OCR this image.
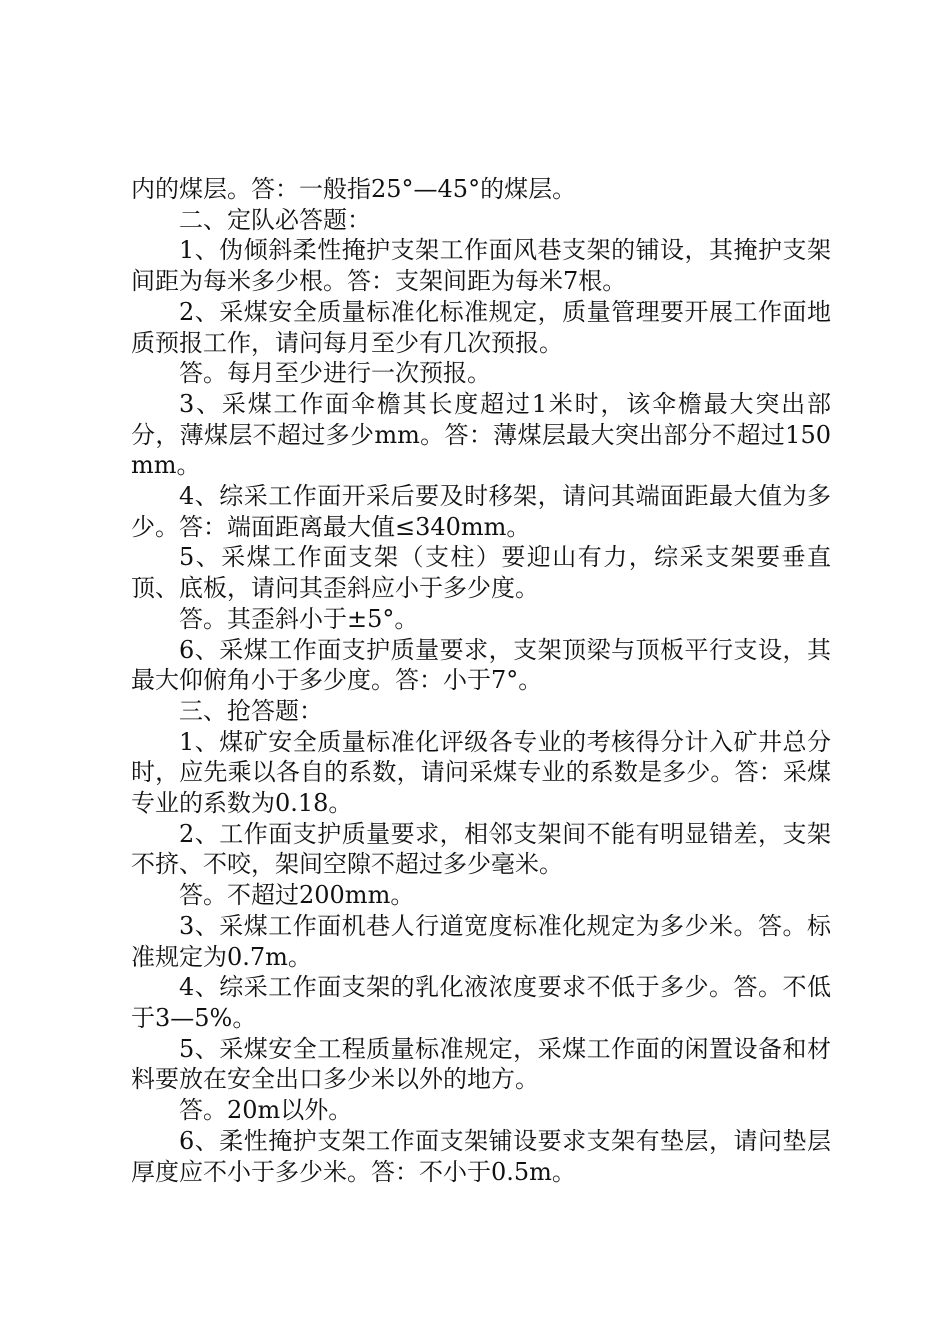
内的煤层。答：一般指25°—45°的煤层。

二、定队必答题：

1、伪倾斜柔性掩护支架工作面风巷支架的铺设，其掩护支架间距为每米多少根。答：支架间距为每米7根。

2、采煤安全质量标准化标准规定，质量管理要开展工作面地质预报工作，请问每月至少有几次预报。

答。每月至少进行一次预报。

3、采煤工作面伞檐其长度超过1米时，该伞檐最大突出部分，薄煤层不超过多少mm。答：薄煤层最大突出部分不超过150mm。

4、综采工作面开采后要及时移架，请问其端面距最大值为多少。答：端面距离最大值≤340mm。

5、采煤工作面支架（支柱）要迎山有力，综采支架要垂直顶、底板，请问其歪斜应小于多少度。

答。其歪斜小于±5°。

6、采煤工作面支护质量要求，支架顶梁与顶板平行支设，其最大仰俯角小于多少度。答：小于7°。

三、抢答题：

1、煤矿安全质量标准化评级各专业的考核得分计入矿井总分时，应先乘以各自的系数，请问采煤专业的系数是多少。答：采煤专业的系数为0.18。

2、工作面支护质量要求，相邻支架间不能有明显错差，支架不挤、不咬，架间空隙不超过多少毫米。

答。不超过200mm。

3、采煤工作面机巷人行道宽度标准化规定为多少米。答。标准规定为0.7m。

4、综采工作面支架的乳化液浓度要求不低于多少。答。不低于3—5%。

5、采煤安全工程质量标准规定，采煤工作面的闲置设备和材料要放在安全出口多少米以外的地方。

答。20m以外。

6、柔性掩护支架工作面支架铺设要求支架有垫层，请问垫层厚度应不小于多少米。答：不小于0.5m。
